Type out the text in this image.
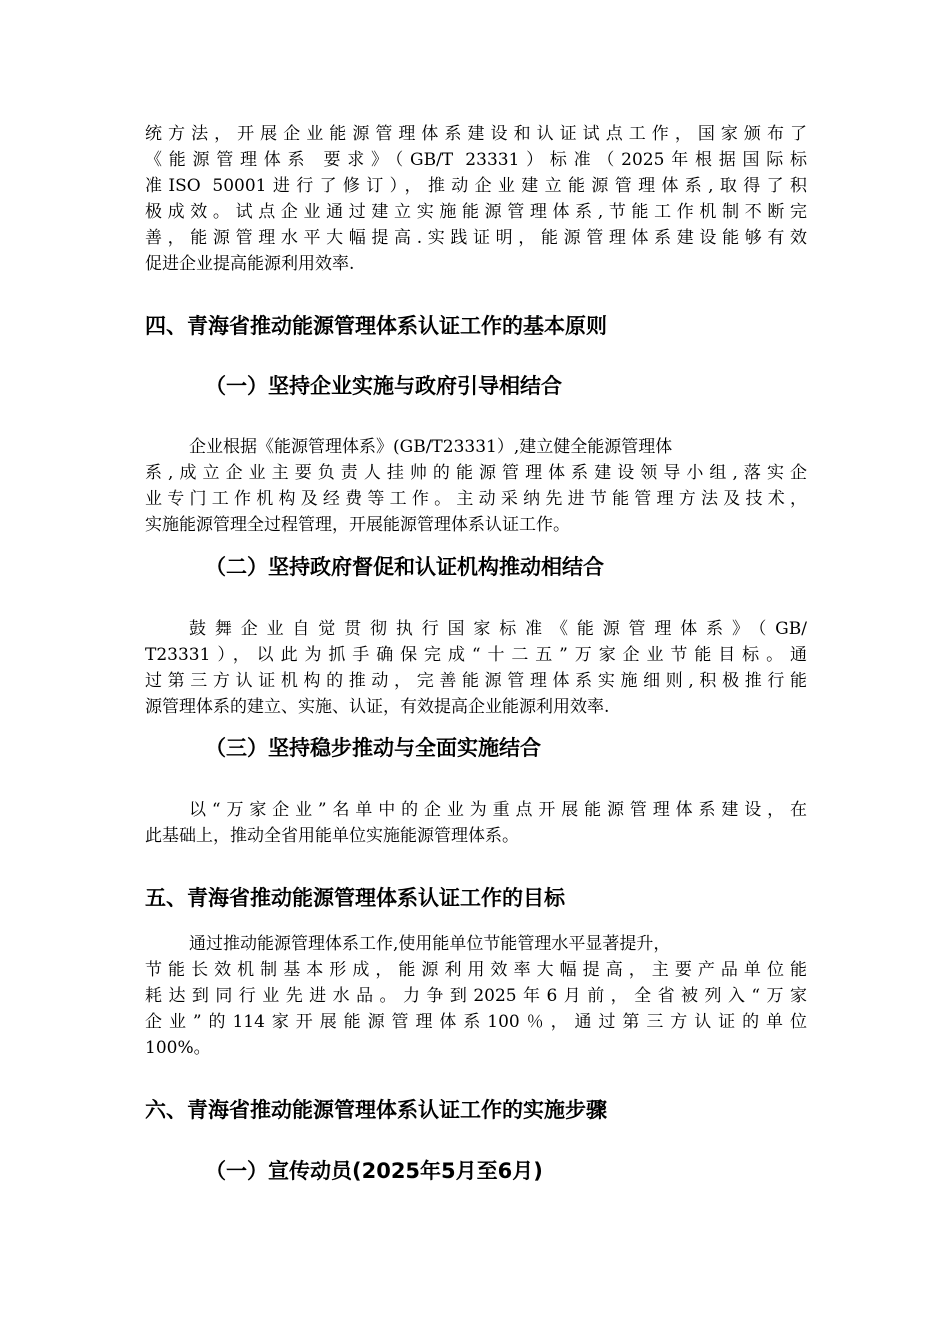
统方法，开展企业能源管理体系建设和认证试点工作，国家颁布了
《能源管理体系 要求》（GB/T 23331）标准（2025年根据国际标
准ISO 50001进行了修订），推动企业建立能源管理体系,取得了积
极成效。试点企业通过建立实施能源管理体系,节能工作机制不断完
善，能源管理水平大幅提高.实践证明，能源管理体系建设能够有效
促进企业提高能源利用效率.
四、青海省推动能源管理体系认证工作的基本原则
（一）坚持企业实施与政府引导相结合
企业根据《能源管理体系》(GB/T23331）,建立健全能源管理体
系,成立企业主要负责人挂帅的能源管理体系建设领导小组,落实企
业专门工作机构及经费等工作。主动采纳先进节能管理方法及技术，
实施能源管理全过程管理，开展能源管理体系认证工作。
（二）坚持政府督促和认证机构推动相结合
鼓舞企业自觉贯彻执行国家标准《能源管理体系》（GB/
T23331），以此为抓手确保完成“十二五”万家企业节能目标。通
过第三方认证机构的推动，完善能源管理体系实施细则,积极推行能
源管理体系的建立、实施、认证，有效提高企业能源利用效率.
（三）坚持稳步推动与全面实施结合
以“万家企业”名单中的企业为重点开展能源管理体系建设，在
此基础上，推动全省用能单位实施能源管理体系。
五、青海省推动能源管理体系认证工作的目标
通过推动能源管理体系工作,使用能单位节能管理水平显著提升，
节能长效机制基本形成，能源利用效率大幅提高，主要产品单位能
耗达到同行业先进水品。力争到2025年6月前，全省被列入“万家
企业”的114家开展能源管理体系100％，通过第三方认证的单位
100%。
六、青海省推动能源管理体系认证工作的实施步骤
（一）宣传动员(2025年5月至6月)
